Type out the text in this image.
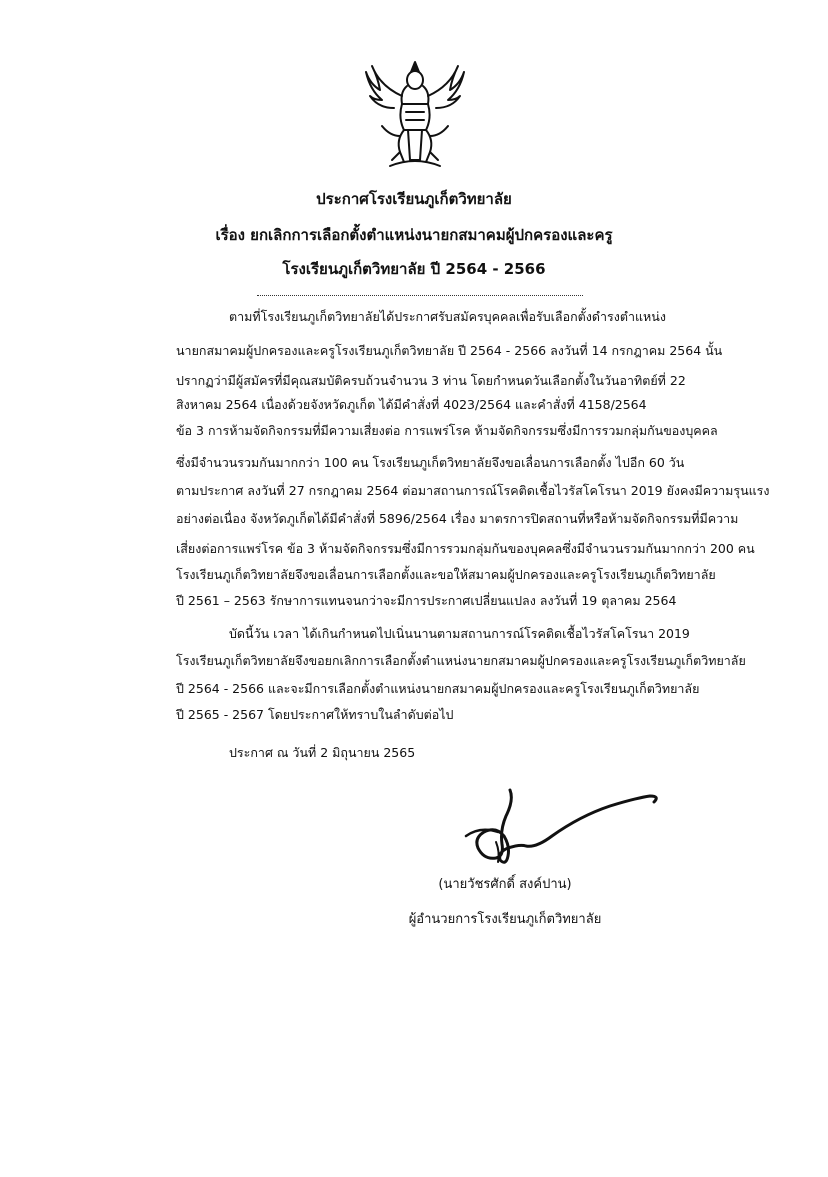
ประกาศโรงเรียนภูเก็ตวิทยาลัย
เรื่อง ยกเลิกการเลือกตั้งตำแหน่งนายกสมาคมผู้ปกครองและครู
โรงเรียนภูเก็ตวิทยาลัย ปี 2564 - 2566
ตามที่โรงเรียนภูเก็ตวิทยาลัยได้ประกาศรับสมัครบุคคลเพื่อรับเลือกตั้งดำรงตำแหน่ง
นายกสมาคมผู้ปกครองและครูโรงเรียนภูเก็ตวิทยาลัย ปี 2564 - 2566 ลงวันที่ 14 กรกฎาคม 2564 นั้น
ปรากฏว่ามีผู้สมัครที่มีคุณสมบัติครบถ้วนจำนวน 3 ท่าน โดยกำหนดวันเลือกตั้งในวันอาทิตย์ที่ 22
สิงหาคม 2564 เนื่องด้วยจังหวัดภูเก็ต ได้มีคำสั่งที่ 4023/2564 และคำสั่งที่ 4158/2564
ข้อ 3 การห้ามจัดกิจกรรมที่มีความเสี่ยงต่อ การแพร่โรค ห้ามจัดกิจกรรมซึ่งมีการรวมกลุ่มกันของบุคคล
ซึ่งมีจำนวนรวมกันมากกว่า 100 คน โรงเรียนภูเก็ตวิทยาลัยจึงขอเลื่อนการเลือกตั้ง ไปอีก 60 วัน
ตามประกาศ ลงวันที่ 27 กรกฎาคม 2564 ต่อมาสถานการณ์โรคติดเชื้อไวรัสโคโรนา 2019 ยังคงมีความรุนแรง
อย่างต่อเนื่อง จังหวัดภูเก็ตได้มีคำสั่งที่ 5896/2564 เรื่อง มาตรการปิดสถานที่หรือห้ามจัดกิจกรรมที่มีความ
เสี่ยงต่อการแพร่โรค ข้อ 3 ห้ามจัดกิจกรรมซึ่งมีการรวมกลุ่มกันของบุคคลซึ่งมีจำนวนรวมกันมากกว่า 200 คน
โรงเรียนภูเก็ตวิทยาลัยจึงขอเลื่อนการเลือกตั้งและขอให้สมาคมผู้ปกครองและครูโรงเรียนภูเก็ตวิทยาลัย
ปี 2561 – 2563 รักษาการแทนจนกว่าจะมีการประกาศเปลี่ยนแปลง ลงวันที่ 19 ตุลาคม 2564
บัดนี้วัน เวลา ได้เกินกำหนดไปเนิ่นนานตามสถานการณ์โรคติดเชื้อไวรัสโคโรนา 2019
โรงเรียนภูเก็ตวิทยาลัยจึงขอยกเลิกการเลือกตั้งตำแหน่งนายกสมาคมผู้ปกครองและครูโรงเรียนภูเก็ตวิทยาลัย
ปี 2564 - 2566 และจะมีการเลือกตั้งตำแหน่งนายกสมาคมผู้ปกครองและครูโรงเรียนภูเก็ตวิทยาลัย
ปี 2565 - 2567 โดยประกาศให้ทราบในลำดับต่อไป
ประกาศ ณ วันที่ 2 มิถุนายน 2565
(นายวัชรศักดิ์ สงค์ปาน)
ผู้อำนวยการโรงเรียนภูเก็ตวิทยาลัย
